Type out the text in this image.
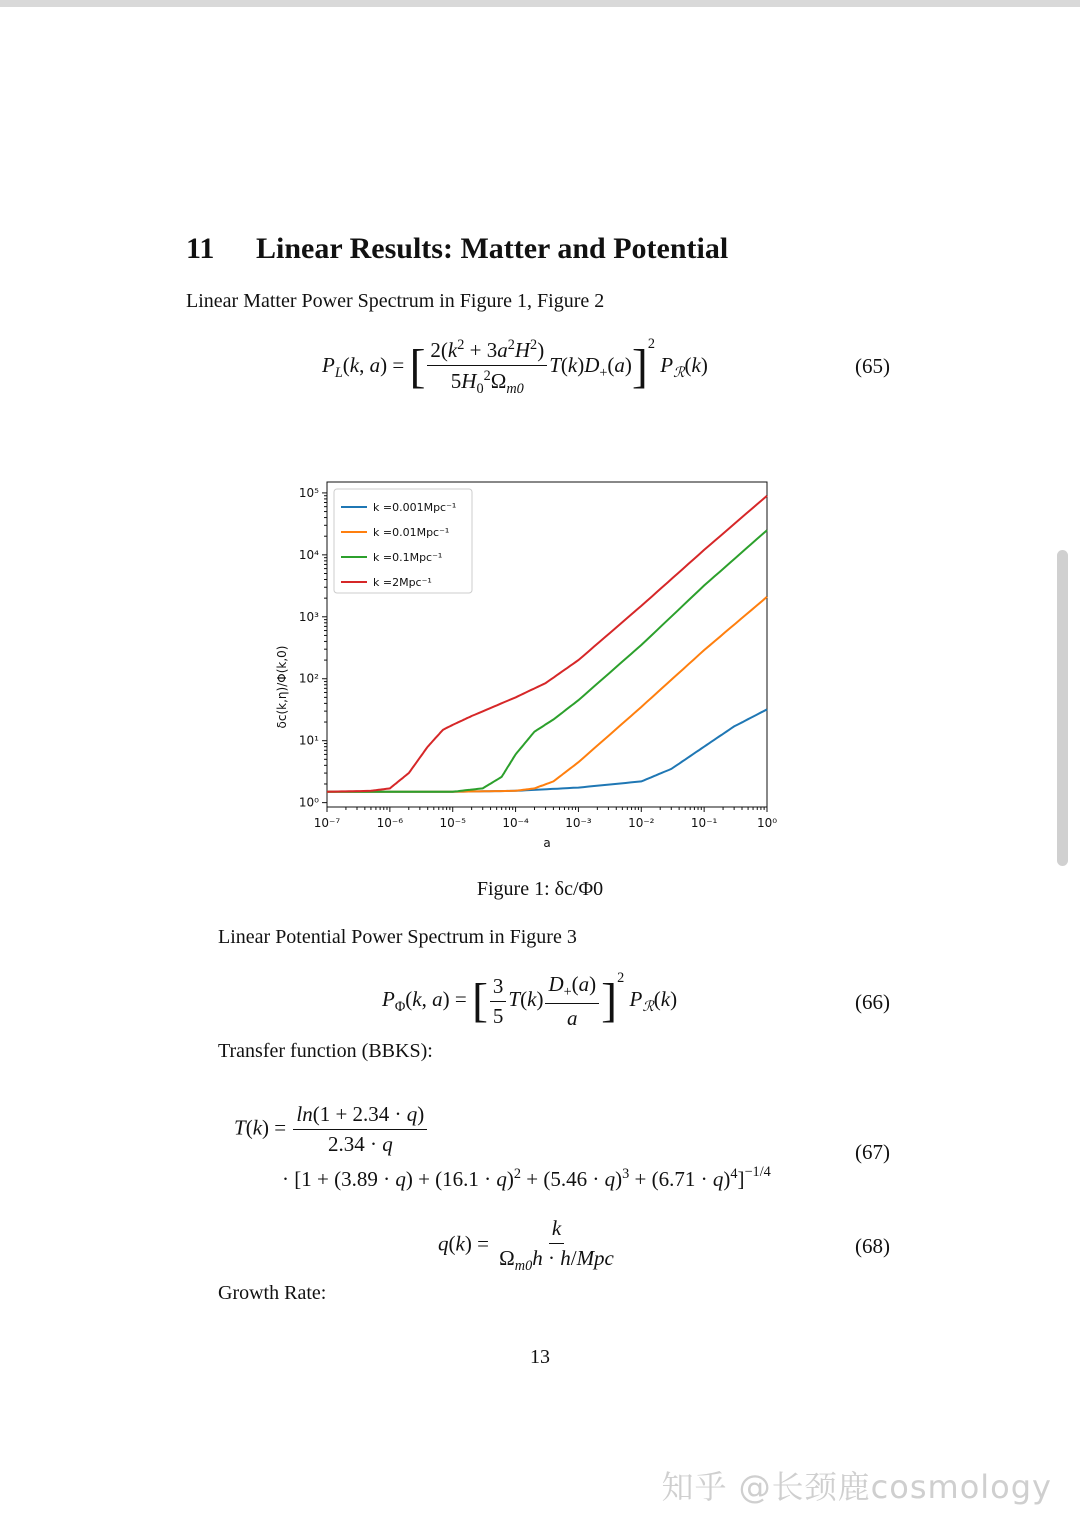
11 Linear Results: Matter and Potential
Linear Matter Power Spectrum in Figure 1, Figure 2
$P_L(k$, a) = [ $\frac{2(k^2 + 3a^2H^2)}{5H_0^2\Omega_{m0}} T(k)D_+(a)]^2$ $P_ℛ(k)$	(65)
10⁻⁷	10⁻⁶	10⁻⁵	10⁻⁴	10⁻³	10⁻²	10⁻¹	10⁰
10⁰
10¹
10²
10³
10⁴
10⁵
a
δc(k,η)/Φ(k,0)
k =0.001Mpc⁻¹
k =0.01Mpc⁻¹
k =0.1Mpc⁻¹
k =2Mpc⁻¹
Figure 1: δc/Φ0
Linear Potential Power Spectrum in Figure 3
$P_\Phi(k$, a) = [ $\frac{3}{5} T(k) \frac{D_+(a)}{a} ]^2$ $P_ℛ(k)$	(66)
Transfer function (BBKS):
$T(k) = \frac{\ln(1 + 2.34 \cdot q)}{2.34 \cdot q}$
· $[1 + (3.89 \cdot q) + (16.1 \cdot q)^2 + (5.46 \cdot q)^3 + (6.71 \cdot q)^4]^{-1/4}$
(67)
$q(k) = \frac{k}{\Omega_{m0}h \cdot h/Mpc}$	(68)
Growth Rate:
13
知乎 @长颈鹿cosmology
